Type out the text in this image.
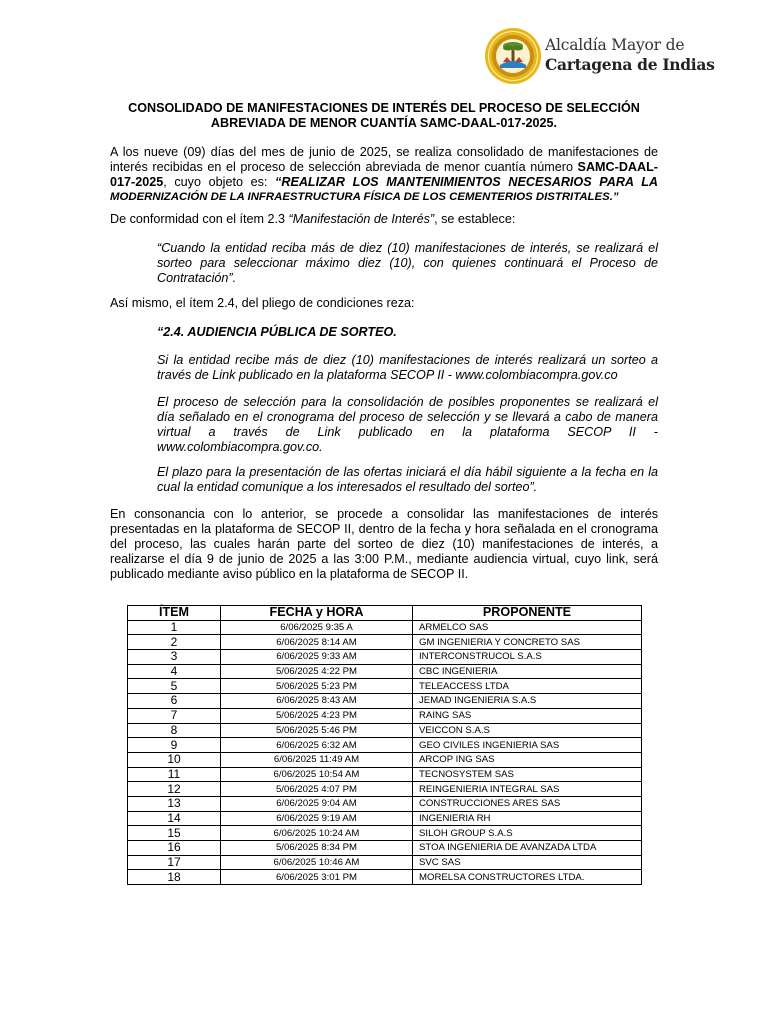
Alcaldía Mayor de
Cartagena de Indias
CONSOLIDADO DE MANIFESTACIONES DE INTERÉS DEL PROCESO DE SELECCIÓN
ABREVIADA DE MENOR CUANTÍA SAMC-DAAL-017-2025.
A los nueve (09) días del mes de junio de 2025, se realiza consolidado de manifestaciones de
interés recibidas en el proceso de selección abreviada de menor cuantía número SAMC-DAAL-
017-2025, cuyo objeto es: “REALIZAR LOS MANTENIMIENTOS NECESARIOS PARA LA
MODERNIZACIÓN DE LA INFRAESTRUCTURA FÍSICA DE LOS CEMENTERIOS DISTRITALES.”
De conformidad con el ítem 2.3 “Manifestación de Interés”, se establece:
“Cuando la entidad reciba más de diez (10) manifestaciones de interés, se realizará el
sorteo para seleccionar máximo diez (10), con quienes continuará el Proceso de
Contratación”.
Así mismo, el ítem 2.4, del pliego de condiciones reza:
“2.4. AUDIENCIA PÚBLICA DE SORTEO.
Si la entidad recibe más de diez (10) manifestaciones de interés realizará un sorteo a
través de Link publicado en la plataforma SECOP II - www.colombiacompra.gov.co
El proceso de selección para la consolidación de posibles proponentes se realizará el
día señalado en el cronograma del proceso de selección y se llevará a cabo de manera
virtual a través de Link publicado en la plataforma SECOP II -
www.colombiacompra.gov.co.
El plazo para la presentación de las ofertas iniciará el día hábil siguiente a la fecha en la
cual la entidad comunique a los interesados el resultado del sorteo”.
En consonancia con lo anterior, se procede a consolidar las manifestaciones de interés
presentadas en la plataforma de SECOP II, dentro de la fecha y hora señalada en el cronograma
del proceso, las cuales harán parte del sorteo de diez (10) manifestaciones de interés, a
realizarse el día 9 de junio de 2025 a las 3:00 P.M., mediante audiencia virtual, cuyo link, será
publicado mediante aviso público en la plataforma de SECOP II.
ÍTEM	FECHA y HORA	PROPONENTE
1	6/06/2025 9:35 A	ARMELCO SAS
2	6/06/2025 8:14 AM	GM INGENIERIA Y CONCRETO SAS
3	6/06/2025 9:33 AM	INTERCONSTRUCOL S.A.S
4	5/06/2025 4:22 PM	CBC INGENIERIA
5	5/06/2025 5:23 PM	TELEACCESS LTDA
6	6/06/2025 8:43 AM	JEMAD INGENIERIA S.A.S
7	5/06/2025 4:23 PM	RAING SAS
8	5/06/2025 5:46 PM	VEICCON S.A.S
9	6/06/2025 6:32 AM	GEO CIVILES INGENIERIA SAS
10	6/06/2025 11:49 AM	ARCOP ING SAS
11	6/06/2025 10:54 AM	TECNOSYSTEM SAS
12	5/06/2025 4:07 PM	REINGENIERIA INTEGRAL SAS
13	6/06/2025 9:04 AM	CONSTRUCCIONES ARES SAS
14	6/06/2025 9:19 AM	INGENIERIA RH
15	6/06/2025 10:24 AM	SILOH GROUP S.A.S
16	5/06/2025 8:34 PM	STOA INGENIERIA DE AVANZADA LTDA
17	6/06/2025 10:46 AM	SVC SAS
18	6/06/2025 3:01 PM	MORELSA CONSTRUCTORES LTDA.
